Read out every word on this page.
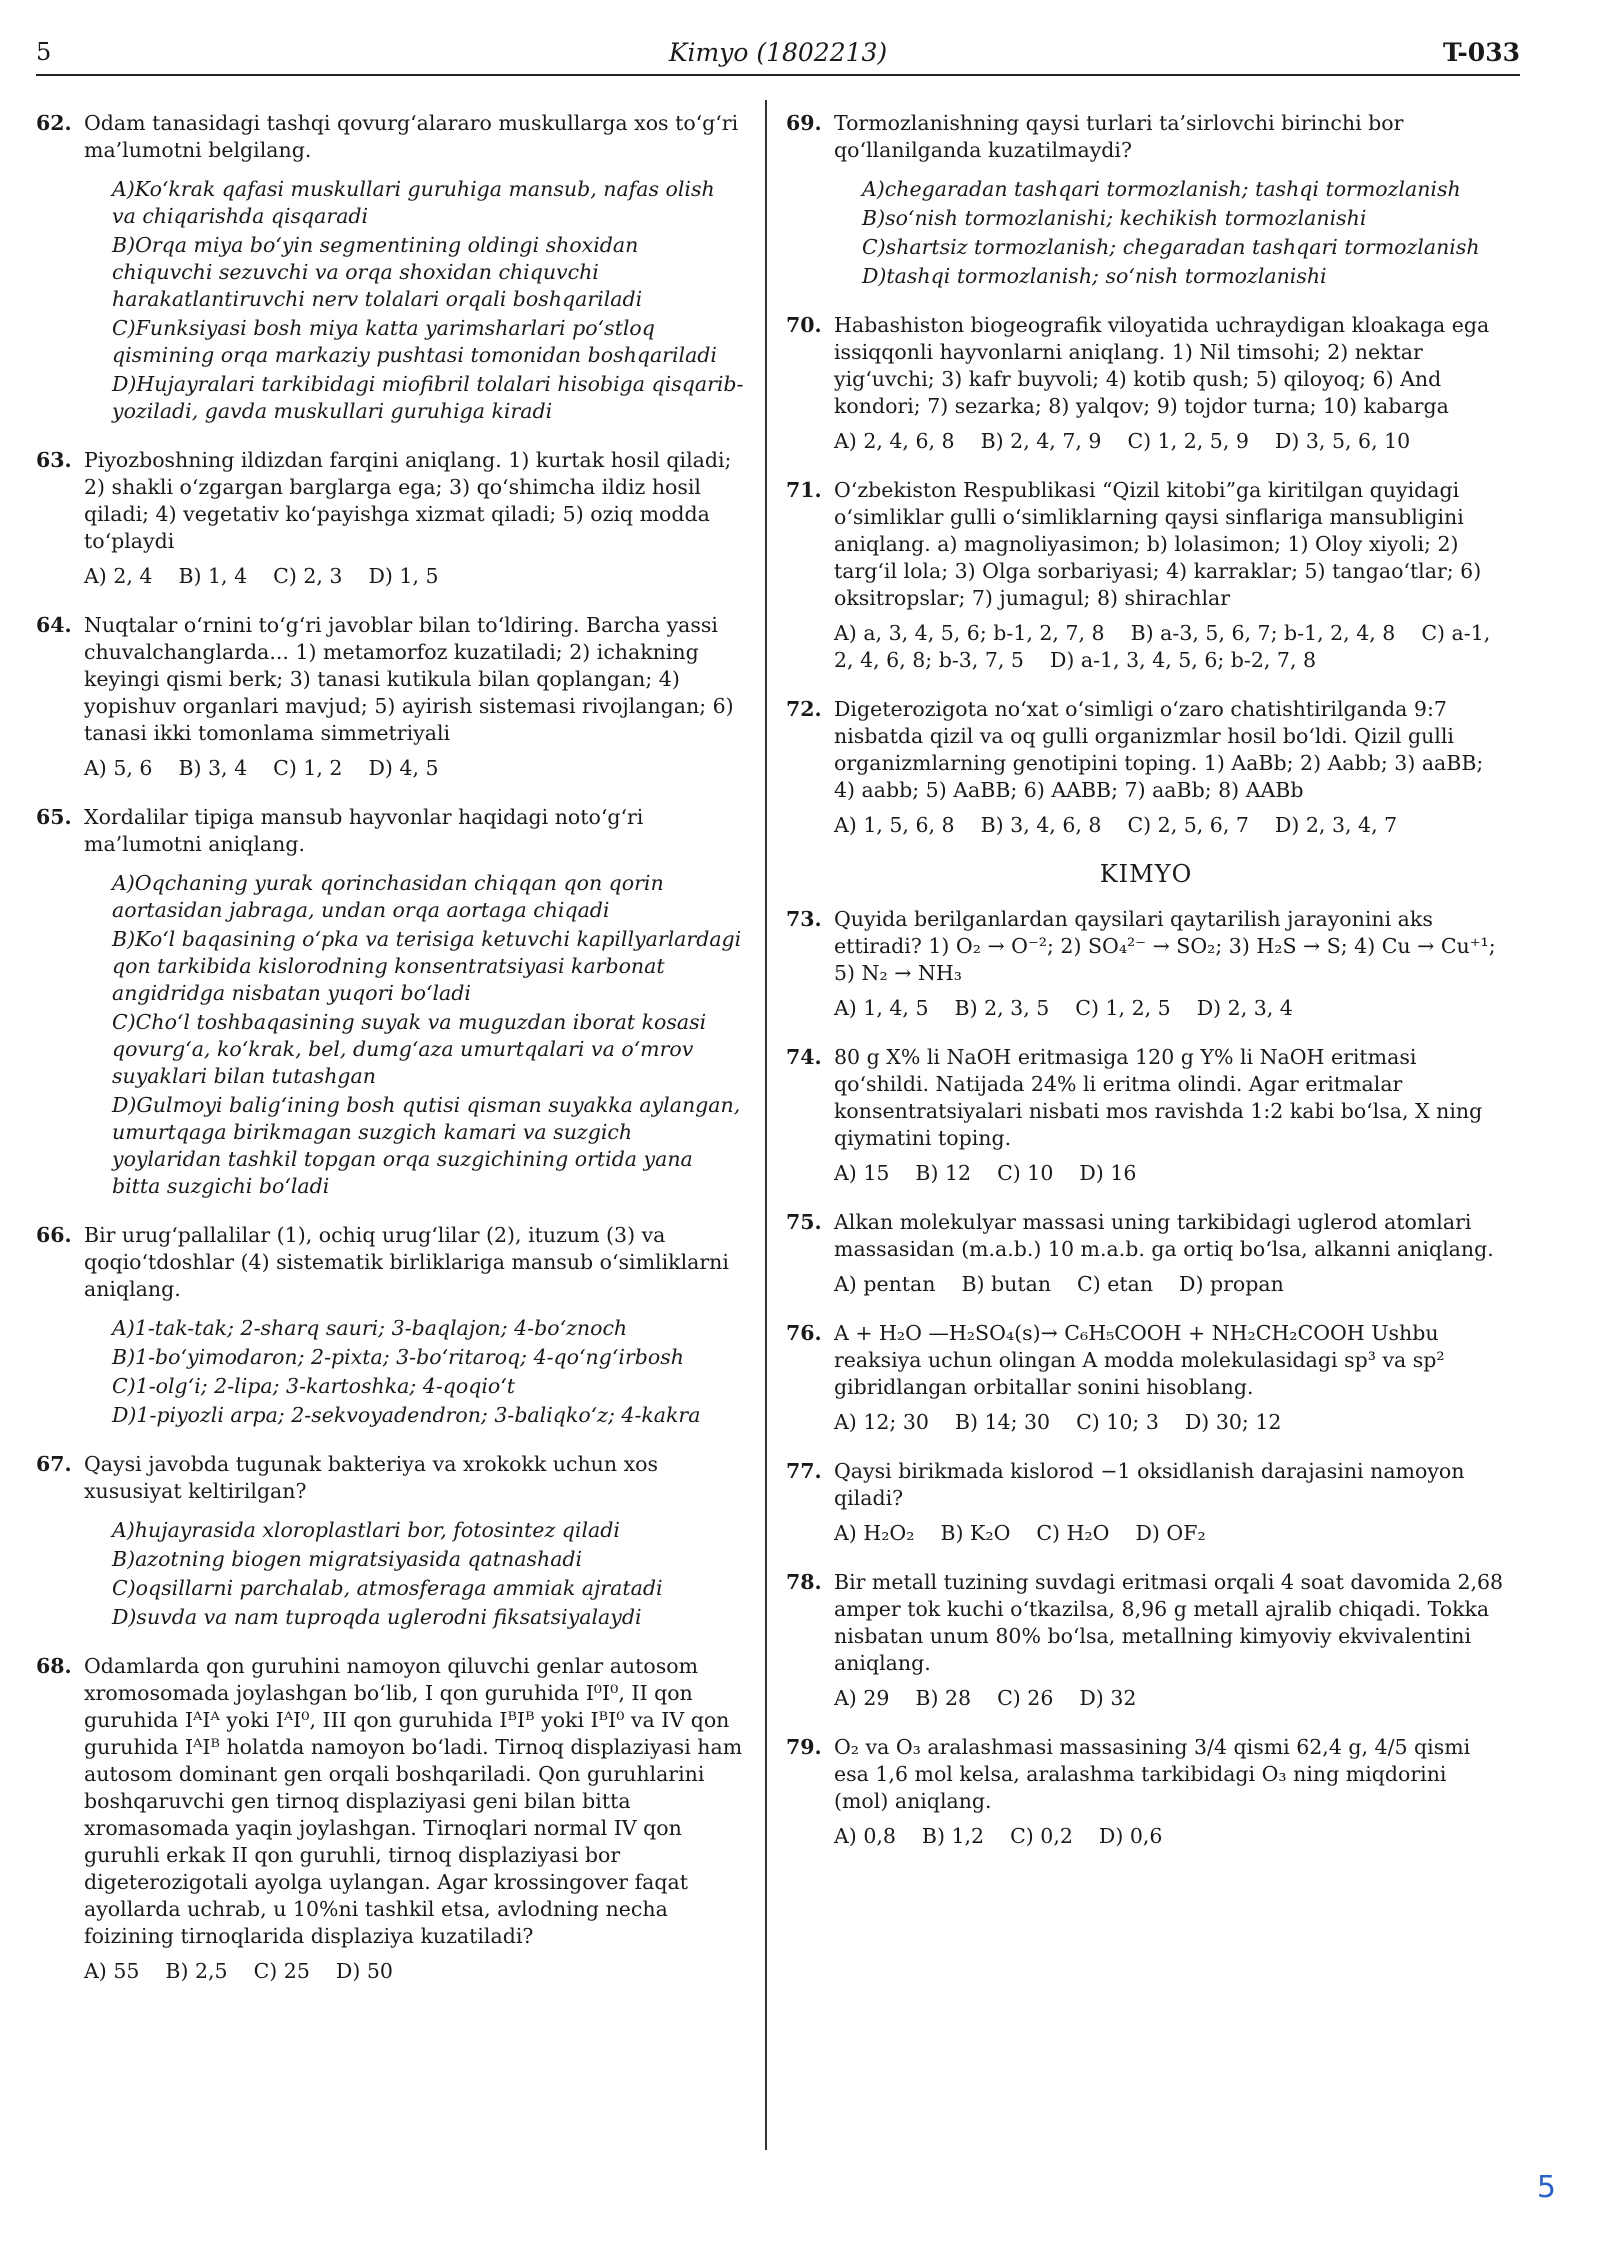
5	Kimyo (1802213)	T-033
62. Odam tanasidagi tashqi qovurg‘alararo muskullarga xos to‘g‘ri ma’lumotni belgilang.

A)Ko‘krak qafasi muskullari guruhiga mansub, nafas olish va chiqarishda qisqaradi
B)Orqa miya bo‘yin segmentining oldingi shoxidan chiquvchi sezuvchi va orqa shoxidan chiquvchi harakatlantiruvchi nerv tolalari orqali boshqariladi
C)Funksiyasi bosh miya katta yarimsharlari po‘stloq qismining orqa markaziy pushtasi tomonidan boshqariladi
D)Hujayralari tarkibidagi miofibril tolalari hisobiga qisqarib-yoziladi, gavda muskullari guruhiga kiradi
63. Piyozboshning ildizdan farqini aniqlang. 1) kurtak hosil qiladi; 2) shakli o‘zgargan barglarga ega; 3) qo‘shimcha ildiz hosil qiladi; 4) vegetativ ko‘payishga xizmat qiladi; 5) oziq modda to‘playdi

A) 2, 4 B) 1, 4 C) 2, 3 D) 1, 5
64. Nuqtalar o‘rnini to‘g‘ri javoblar bilan to‘ldiring. Barcha yassi chuvalchanglarda... 1) metamorfoz kuzatiladi; 2) ichakning keyingi qismi berk; 3) tanasi kutikula bilan qoplangan; 4) yopishuv organlari mavjud; 5) ayirish sistemasi rivojlangan; 6) tanasi ikki tomonlama simmetriyali

A) 5, 6 B) 3, 4 C) 1, 2 D) 4, 5
65. Xordalilar tipiga mansub hayvonlar haqidagi noto‘g‘ri ma’lumotni aniqlang.

A)Oqchaning yurak qorinchasidan chiqqan qon qorin aortasidan jabraga, undan orqa aortaga chiqadi
B)Ko‘l baqasining o‘pka va terisiga ketuvchi kapillyarlardagi qon tarkibida kislorodning konsentratsiyasi karbonat angidridga nisbatan yuqori bo‘ladi
C)Cho‘l toshbaqasining suyak va muguzdan iborat kosasi qovurg‘a, ko‘krak, bel, dumg‘aza umurtqalari va o‘mrov suyaklari bilan tutashgan
D)Gulmoyi balig‘ining bosh qutisi qisman suyakka aylangan, umurtqaga birikmagan suzgich kamari va suzgich yoylaridan tashkil topgan orqa suzgichining ortida yana bitta suzgichi bo‘ladi
66. Bir urug‘pallalilar (1), ochiq urug‘lilar (2), ituzum (3) va qoqio‘tdoshlar (4) sistematik birliklariga mansub o‘simliklarni aniqlang.

A)1-tak-tak; 2-sharq sauri; 3-baqlajon; 4-bo‘znoch
B)1-bo‘yimodaron; 2-pixta; 3-bo‘ritaroq; 4-qo‘ng‘irbosh
C)1-olg‘i; 2-lipa; 3-kartoshka; 4-qoqio‘t
D)1-piyozli arpa; 2-sekvoyadendron; 3-baliqko‘z; 4-kakra
67. Qaysi javobda tugunak bakteriya va xrokokk uchun xos xususiyat keltirilgan?

A)hujayrasida xloroplastlari bor, fotosintez qiladi
B)azotning biogen migratsiyasida qatnashadi
C)oqsillarni parchalab, atmosferaga ammiak ajratadi
D)suvda va nam tuproqda uglerodni fiksatsiyalaydi
68. Odamlarda qon guruhini namoyon qiluvchi genlar autosom xromosomada joylashgan bo‘lib, I qon guruhida I⁰I⁰, II qon guruhida IᴬIᴬ yoki IᴬI⁰, III qon guruhida IᴮIᴮ yoki IᴮI⁰ va IV qon guruhida IᴬIᴮ holatda namoyon bo‘ladi. Tirnoq displaziyasi ham autosom dominant gen orqali boshqariladi. Qon guruhlarini boshqaruvchi gen tirnoq displaziyasi geni bilan bitta xromasomada yaqin joylashgan. Tirnoqlari normal IV qon guruhli erkak II qon guruhli, tirnoq displaziyasi bor digeterozigotali ayolga uylangan. Agar krossingover faqat ayollarda uchrab, u 10%ni tashkil etsa, avlodning necha foizining tirnoqlarida displaziya kuzatiladi?

A) 55 B) 2,5 C) 25 D) 50
69. Tormozlanishning qaysi turlari ta’sirlovchi birinchi bor qo‘llanilganda kuzatilmaydi?

A)chegaradan tashqari tormozlanish; tashqi tormozlanish
B)so‘nish tormozlanishi; kechikish tormozlanishi
C)shartsiz tormozlanish; chegaradan tashqari tormozlanish
D)tashqi tormozlanish; so‘nish tormozlanishi
70. Habashiston biogeografik viloyatida uchraydigan kloakaga ega issiqqonli hayvonlarni aniqlang. 1) Nil timsohi; 2) nektar yig‘uvchi; 3) kafr buyvoli; 4) kotib qush; 5) qiloyoq; 6) And kondori; 7) sezarka; 8) yalqov; 9) tojdor turna; 10) kabarga

A) 2, 4, 6, 8 B) 2, 4, 7, 9 C) 1, 2, 5, 9 D) 3, 5, 6, 10
71. O‘zbekiston Respublikasi “Qizil kitobi”ga kiritilgan quyidagi o‘simliklar gulli o‘simliklarning qaysi sinflariga mansubligini aniqlang. a) magnoliyasimon; b) lolasimon; 1) Oloy xiyoli; 2) targ‘il lola; 3) Olga sorbariyasi; 4) karraklar; 5) tangao‘tlar; 6) oksitropslar; 7) jumagul; 8) shirachlar

A) a, 3, 4, 5, 6; b-1, 2, 7, 8 B) a-3, 5, 6, 7; b-1, 2, 4, 8 C) a-1, 2, 4, 6, 8; b-3, 7, 5 D) a-1, 3, 4, 5, 6; b-2, 7, 8
72. Digeterozigota no‘xat o‘simligi o‘zaro chatishtirilganda 9:7 nisbatda qizil va oq gulli organizmlar hosil bo‘ldi. Qizil gulli organizmlarning genotipini toping. 1) AaBb; 2) Aabb; 3) aaBB; 4) aabb; 5) AaBB; 6) AABB; 7) aaBb; 8) AABb

A) 1, 5, 6, 8 B) 3, 4, 6, 8 C) 2, 5, 6, 7 D) 2, 3, 4, 7
KIMYO
73. Quyida berilganlardan qaysilari qaytarilish jarayonini aks ettiradi? 1) O₂ → O⁻²; 2) SO₄²⁻ → SO₂; 3) H₂S → S; 4) Cu → Cu⁺¹; 5) N₂ → NH₃

A) 1, 4, 5 B) 2, 3, 5 C) 1, 2, 5 D) 2, 3, 4
74. 80 g X% li NaOH eritmasiga 120 g Y% li NaOH eritmasi qo‘shildi. Natijada 24% li eritma olindi. Agar eritmalar konsentratsiyalari nisbati mos ravishda 1:2 kabi bo‘lsa, X ning qiymatini toping.

A) 15 B) 12 C) 10 D) 16
75. Alkan molekulyar massasi uning tarkibidagi uglerod atomlari massasidan (m.a.b.) 10 m.a.b. ga ortiq bo‘lsa, alkanni aniqlang.

A) pentan B) butan C) etan D) propan
76. A + H₂O —H₂SO₄(s)→ C₆H₅COOH + NH₂CH₂COOH Ushbu reaksiya uchun olingan A modda molekulasidagi sp³ va sp² gibridlangan orbitallar sonini hisoblang.

A) 12; 30 B) 14; 30 C) 10; 3 D) 30; 12
77. Qaysi birikmada kislorod −1 oksidlanish darajasini namoyon qiladi?

A) H₂O₂ B) K₂O C) H₂O D) OF₂
78. Bir metall tuzining suvdagi eritmasi orqali 4 soat davomida 2,68 amper tok kuchi o‘tkazilsa, 8,96 g metall ajralib chiqadi. Tokka nisbatan unum 80% bo‘lsa, metallning kimyoviy ekvivalentini aniqlang.

A) 29 B) 28 C) 26 D) 32
79. O₂ va O₃ aralashmasi massasining 3/4 qismi 62,4 g, 4/5 qismi esa 1,6 mol kelsa, aralashma tarkibidagi O₃ ning miqdorini (mol) aniqlang.

A) 0,8 B) 1,2 C) 0,2 D) 0,6
5
